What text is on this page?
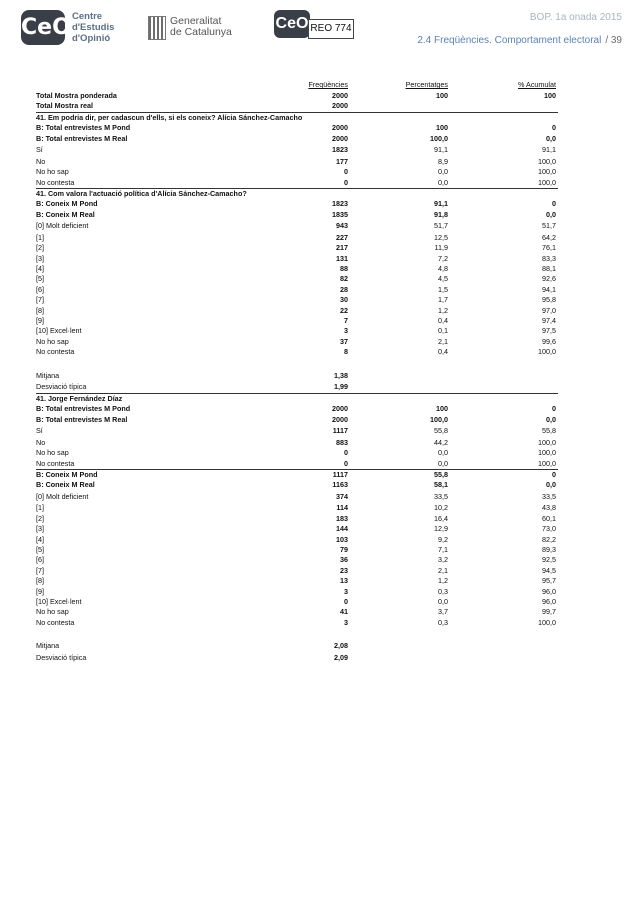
CeO Centre
d'Estudis
d'Opinió
Generalitat
de Catalunya	CeO REO 774
BOP. 1a onada 2015
2.4 Freqüències. Comportament electoral / 39
Freqüències	Percentatges	% Acumulat
Total Mostra ponderada	2000	100	100
Total Mostra real	2000
41. Em podria dir, per cadascun d'ells, si els coneix? Alícia Sánchez-Camacho
B: Total entrevistes M Pond	2000	100	0
B: Total entrevistes M Real	2000	100,0	0,0
Sí	1823	91,1	91,1
No	177	8,9	100,0
No ho sap	0	0,0	100,0
No contesta	0	0,0	100,0
41. Com valora l'actuació política d'Alícia Sánchez-Camacho?
B: Coneix M Pond	1823	91,1	0
B: Coneix M Real	1835	91,8	0,0
[0] Molt deficient	943	51,7	51,7
[1]	227	12,5	64,2
[2]	217	11,9	76,1
[3]	131	7,2	83,3
[4]	88	4,8	88,1
[5]	82	4,5	92,6
[6]	28	1,5	94,1
[7]	30	1,7	95,8
[8]	22	1,2	97,0
[9]	7	0,4	97,4
[10] Excel·lent	3	0,1	97,5
No ho sap	37	2,1	99,6
No contesta	8	0,4	100,0
Mitjana	1,38
Desviació típica	1,99
41. Jorge Fernández Díaz
B: Total entrevistes M Pond	2000	100	0
B: Total entrevistes M Real	2000	100,0	0,0
Sí	1117	55,8	55,8
No	883	44,2	100,0
No ho sap	0	0,0	100,0
No contesta	0	0,0	100,0
B: Coneix M Pond	1117	55,8	0
B: Coneix M Real	1163	58,1	0,0
[0] Molt deficient	374	33,5	33,5
[1]	114	10,2	43,8
[2]	183	16,4	60,1
[3]	144	12,9	73,0
[4]	103	9,2	82,2
[5]	79	7,1	89,3
[6]	36	3,2	92,5
[7]	23	2,1	94,5
[8]	13	1,2	95,7
[9]	3	0,3	96,0
[10] Excel·lent	0	0,0	96,0
No ho sap	41	3,7	99,7
No contesta	3	0,3	100,0
Mitjana	2,08
Desviació típica	2,09
